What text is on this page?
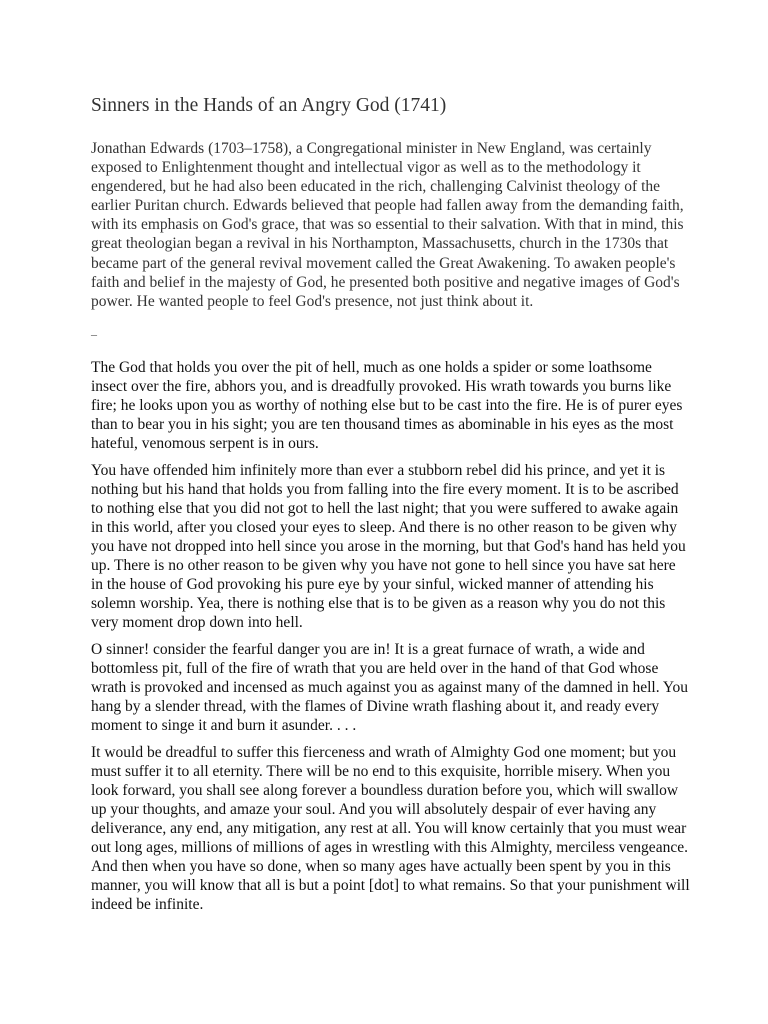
Sinners in the Hands of an Angry God (1741)

Jonathan Edwards (1703–1758), a Congregational minister in New England, was certainly exposed to Enlightenment thought and intellectual vigor as well as to the methodology it engendered, but he had also been educated in the rich, challenging Calvinist theology of the earlier Puritan church. Edwards believed that people had fallen away from the demanding faith, with its emphasis on God's grace, that was so essential to their salvation. With that in mind, this great theologian began a revival in his Northampton, Massachusetts, church in the 1730s that became part of the general revival movement called the Great Awakening. To awaken people's faith and belief in the majesty of God, he presented both positive and negative images of God's power. He wanted people to feel God's presence, not just think about it.

–

The God that holds you over the pit of hell, much as one holds a spider or some loathsome insect over the fire, abhors you, and is dreadfully provoked. His wrath towards you burns like fire; he looks upon you as worthy of nothing else but to be cast into the fire. He is of purer eyes than to bear you in his sight; you are ten thousand times as abominable in his eyes as the most hateful, venomous serpent is in ours.

You have offended him infinitely more than ever a stubborn rebel did his prince, and yet it is nothing but his hand that holds you from falling into the fire every moment. It is to be ascribed to nothing else that you did not got to hell the last night; that you were suffered to awake again in this world, after you closed your eyes to sleep. And there is no other reason to be given why you have not dropped into hell since you arose in the morning, but that God's hand has held you up. There is no other reason to be given why you have not gone to hell since you have sat here in the house of God provoking his pure eye by your sinful, wicked manner of attending his solemn worship. Yea, there is nothing else that is to be given as a reason why you do not this very moment drop down into hell.

O sinner! consider the fearful danger you are in! It is a great furnace of wrath, a wide and bottomless pit, full of the fire of wrath that you are held over in the hand of that God whose wrath is provoked and incensed as much against you as against many of the damned in hell. You hang by a slender thread, with the flames of Divine wrath flashing about it, and ready every moment to singe it and burn it asunder. . . .

It would be dreadful to suffer this fierceness and wrath of Almighty God one moment; but you must suffer it to all eternity. There will be no end to this exquisite, horrible misery. When you look forward, you shall see along forever a boundless duration before you, which will swallow up your thoughts, and amaze your soul. And you will absolutely despair of ever having any deliverance, any end, any mitigation, any rest at all. You will know certainly that you must wear out long ages, millions of millions of ages in wrestling with this Almighty, merciless vengeance. And then when you have so done, when so many ages have actually been spent by you in this manner, you will know that all is but a point [dot] to what remains. So that your punishment will indeed be infinite.
